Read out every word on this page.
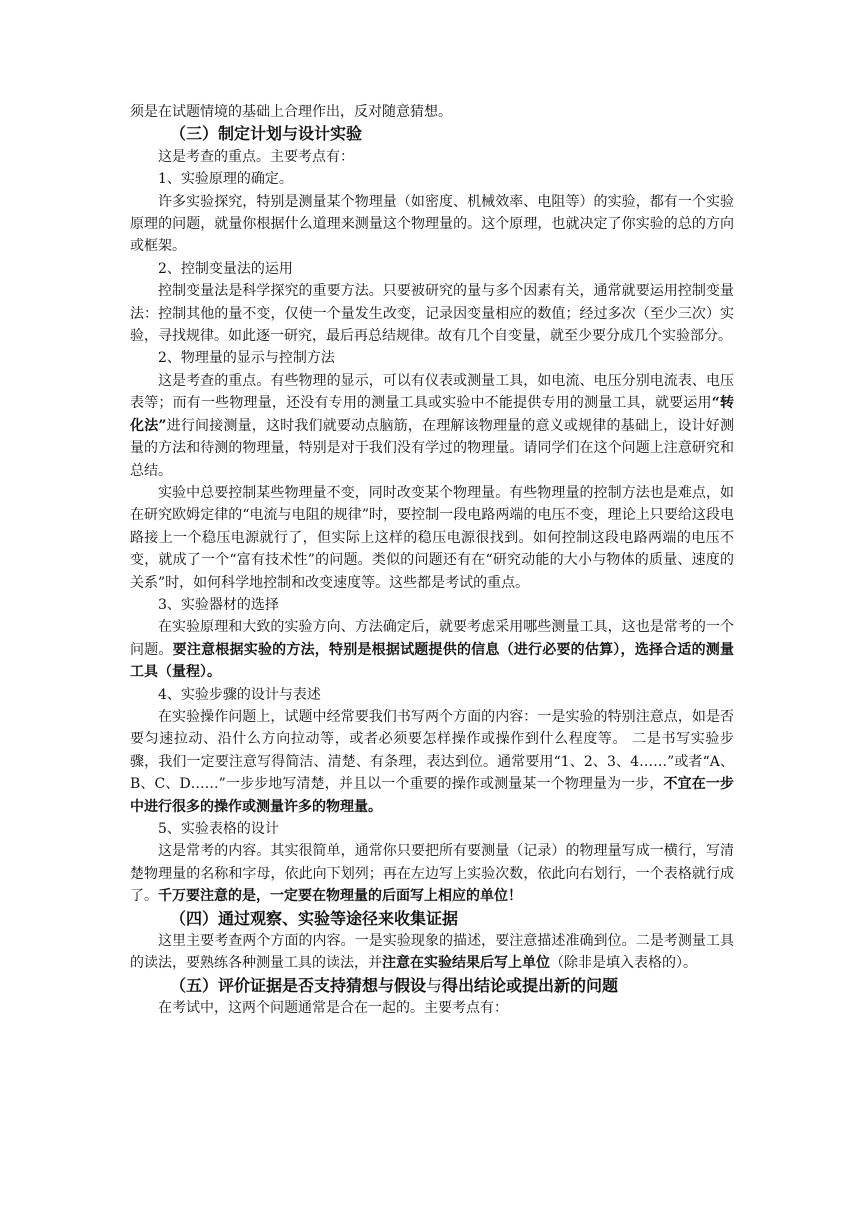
须是在试题情境的基础上合理作出，反对随意猜想。

（三）制定计划与设计实验

这是考查的重点。主要考点有：

1、实验原理的确定。

许多实验探究，特别是测量某个物理量（如密度、机械效率、电阻等）的实验，都有一个实验原理的问题，就量你根据什么道理来测量这个物理量的。这个原理，也就决定了你实验的总的方向或框架。

2、控制变量法的运用

控制变量法是科学探究的重要方法。只要被研究的量与多个因素有关，通常就要运用控制变量法：控制其他的量不变，仅使一个量发生改变，记录因变量相应的数值；经过多次（至少三次）实验，寻找规律。如此逐一研究，最后再总结规律。故有几个自变量，就至少要分成几个实验部分。

2、物理量的显示与控制方法

这是考查的重点。有些物理的显示，可以有仪表或测量工具，如电流、电压分别电流表、电压表等；而有一些物理量，还没有专用的测量工具或实验中不能提供专用的测量工具，就要运用“转化法”进行间接测量，这时我们就要动点脑筋，在理解该物理量的意义或规律的基础上，设计好测量的方法和待测的物理量，特别是对于我们没有学过的物理量。请同学们在这个问题上注意研究和总结。

实验中总要控制某些物理量不变，同时改变某个物理量。有些物理量的控制方法也是难点，如在研究欧姆定律的“电流与电阻的规律”时，要控制一段电路两端的电压不变，理论上只要给这段电路接上一个稳压电源就行了，但实际上这样的稳压电源很找到。如何控制这段电路两端的电压不变，就成了一个“富有技术性”的问题。类似的问题还有在“研究动能的大小与物体的质量、速度的关系”时，如何科学地控制和改变速度等。这些都是考试的重点。

3、实验器材的选择

在实验原理和大致的实验方向、方法确定后，就要考虑采用哪些测量工具，这也是常考的一个问题。要注意根据实验的方法，特别是根据试题提供的信息（进行必要的估算），选择合适的测量工具（量程）。

4、实验步骤的设计与表述

在实验操作问题上，试题中经常要我们书写两个方面的内容：一是实验的特别注意点，如是否要匀速拉动、沿什么方向拉动等，或者必须要怎样操作或操作到什么程度等。 二是书写实验步骤，我们一定要注意写得简洁、清楚、有条理，表达到位。通常要用“1、2、3、4……”或者“A、B、C、D……”一步步地写清楚，并且以一个重要的操作或测量某一个物理量为一步，不宜在一步中进行很多的操作或测量许多的物理量。

5、实验表格的设计

这是常考的内容。其实很简单，通常你只要把所有要测量（记录）的物理量写成一横行，写清楚物理量的名称和字母，依此向下划列；再在左边写上实验次数，依此向右划行，一个表格就行成了。千万要注意的是，一定要在物理量的后面写上相应的单位！

（四）通过观察、实验等途径来收集证据

这里主要考查两个方面的内容。一是实验现象的描述，要注意描述准确到位。二是考测量工具的读法，要熟练各种测量工具的读法，并注意在实验结果后写上单位（除非是填入表格的）。

（五）评价证据是否支持猜想与假设与得出结论或提出新的问题

在考试中，这两个问题通常是合在一起的。主要考点有：
